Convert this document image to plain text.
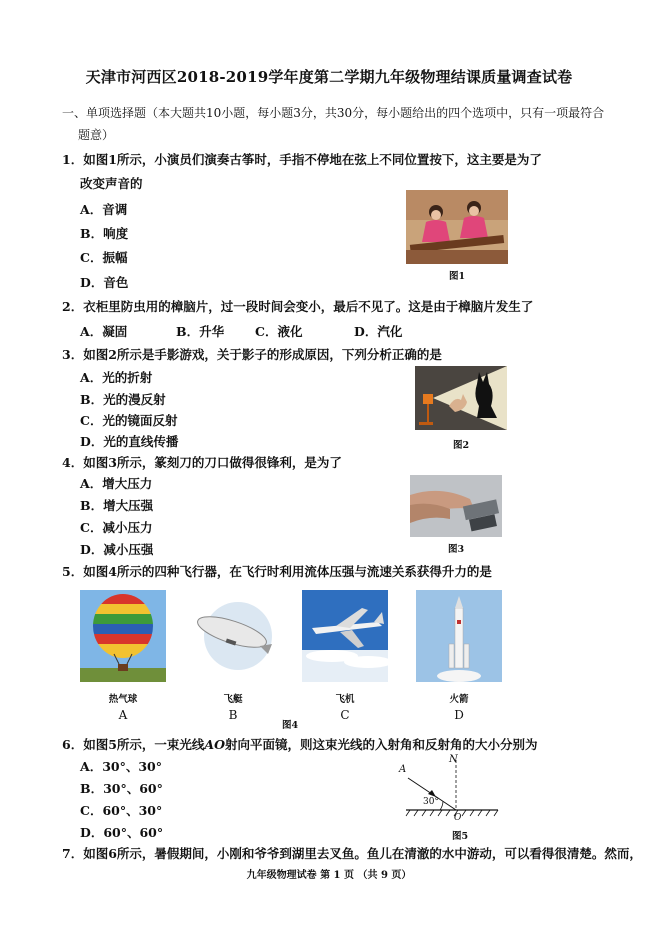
天津市河西区2018-2019学年度第二学期九年级物理结课质量调查试卷
一、单项选择题（本大题共10小题，每小题3分，共30分，每小题给出的四个选项中，只有一项最符合
题意）
1．如图1所示，小演员们演奏古筝时，手指不停地在弦上不同位置按下，这主要是为了
改变声音的
A．音调
B．响度
C．振幅
D．音色	图1
2．衣柜里防虫用的樟脑片，过一段时间会变小，最后不见了。这是由于樟脑片发生了
A．凝固	B．升华 C．液化	D．汽化
3．如图2所示是手影游戏，关于影子的形成原因，下列分析正确的是
A．光的折射
B．光的漫反射
C．光的镜面反射
D．光的直线传播	图2
4．如图3所示，篆刻刀的刀口做得很锋利，是为了
A．增大压力
B．增大压强
C．减小压力
D．减小压强	图3
5．如图4所示的四种飞行器，在飞行时利用流体压强与流速关系获得升力的是
热气球	飞艇	飞机	火箭
A	B	C	D
图4
6．如图5所示，一束光线AO射向平面镜，则这束光线的入射角和反射角的大小分别为
A．30°、30°
B．30°、60°
C．60°、30°
D．60°、60°
A
N
30°
O
图5
7．如图6所示，暑假期间，小刚和爷爷到湖里去叉鱼。鱼儿在清澈的水中游动，可以看得很清楚。然而，
九年级物理试卷 第 1 页 （共 9 页）
